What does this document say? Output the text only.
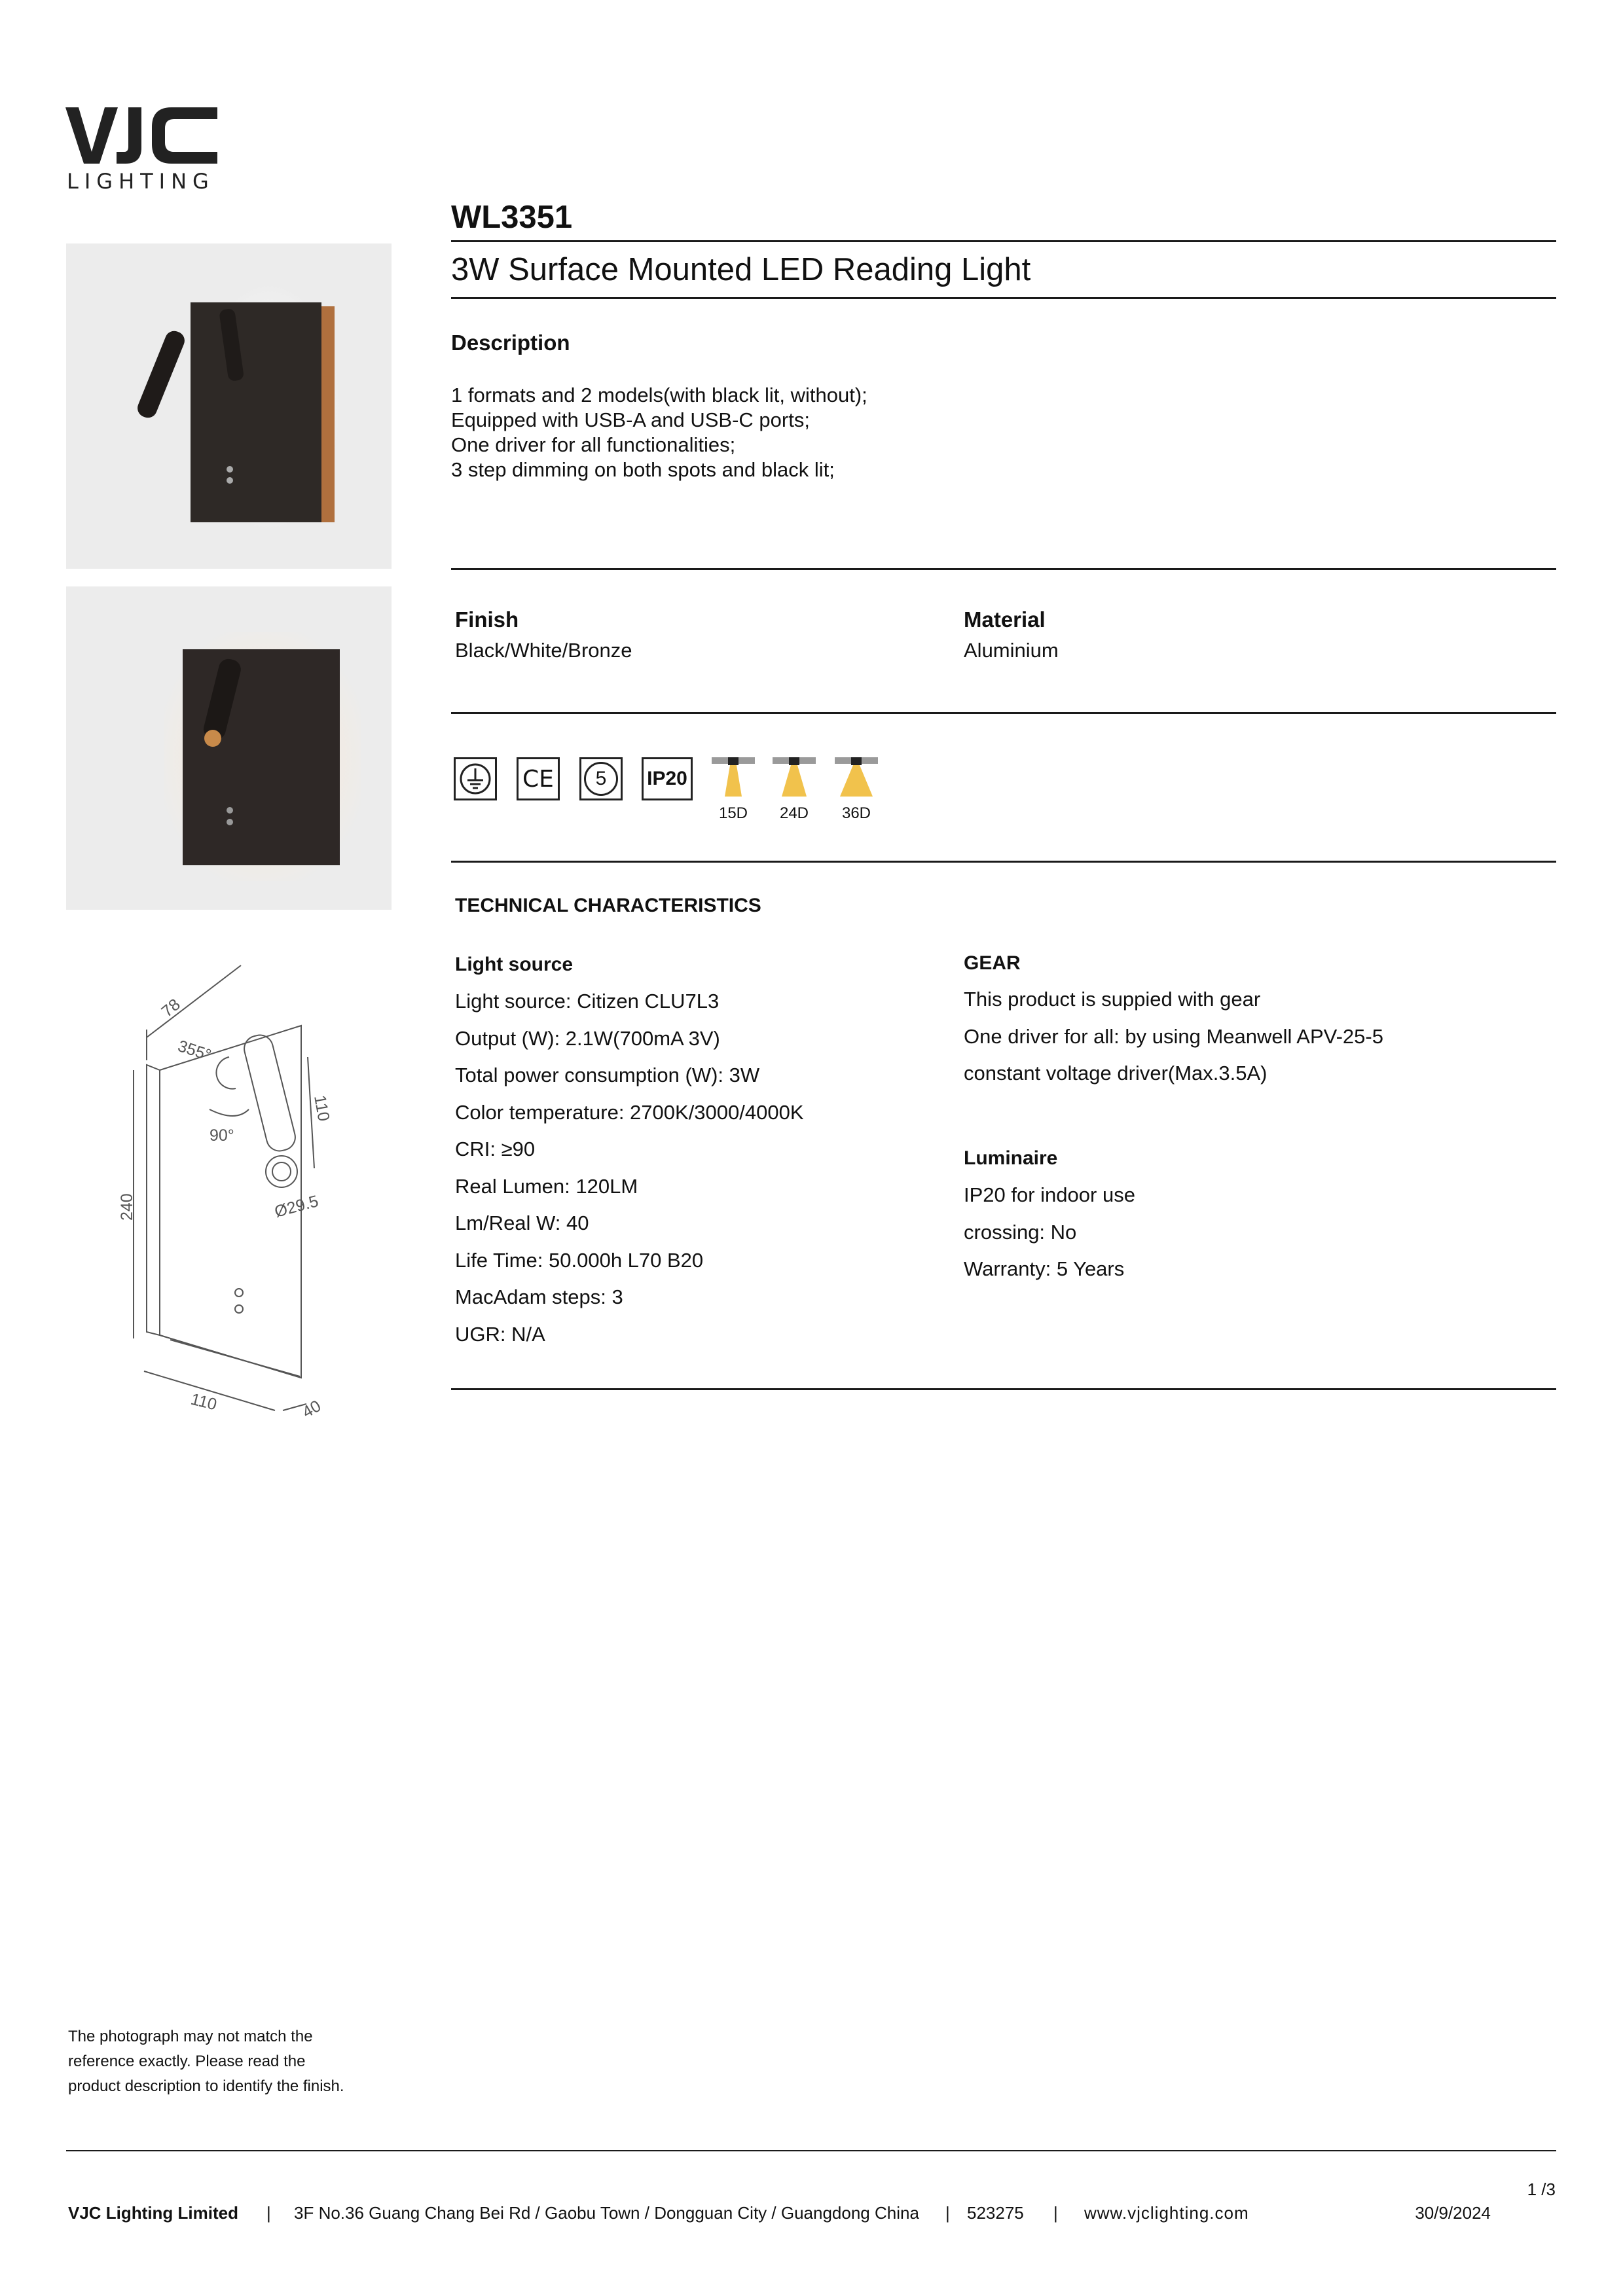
LIGHTING
WL3351
3W Surface Mounted LED Reading Light
78
355°
110
90°
240	Ø29.5
110	40
Description
1 formats and 2 models(with black lit, without);
Equipped with USB-A and USB-C ports;
One driver for all functionalities;
3 step dimming on both spots and black lit;
Finish
Black/White/Bronze
Material
Aluminium
CE 5 IP20
15D	24D	36D
TECHNICAL CHARACTERISTICS
Light source
Light source: Citizen CLU7L3
Output (W): 2.1W(700mA 3V)
Total power consumption (W): 3W
Color temperature: 2700K/3000/4000K
CRI: ≥90
Real Lumen: 120LM
Lm/Real W: 40
Life Time: 50.000h L70 B20
MacAdam steps: 3
UGR: N/A
GEAR
This product is suppied with gear
One driver for all: by using Meanwell APV-25-5
constant voltage driver(Max.3.5A)
Luminaire
IP20 for indoor use
crossing: No
Warranty: 5 Years
The photograph may not match the
reference exactly. Please read the
product description to identify the finish.
1 /3
VJC Lighting Limited | 3F No.36 Guang Chang Bei Rd / Gaobu Town / Dongguan City / Guangdong China | 523275 | www.vjclighting.com	30/9/2024
